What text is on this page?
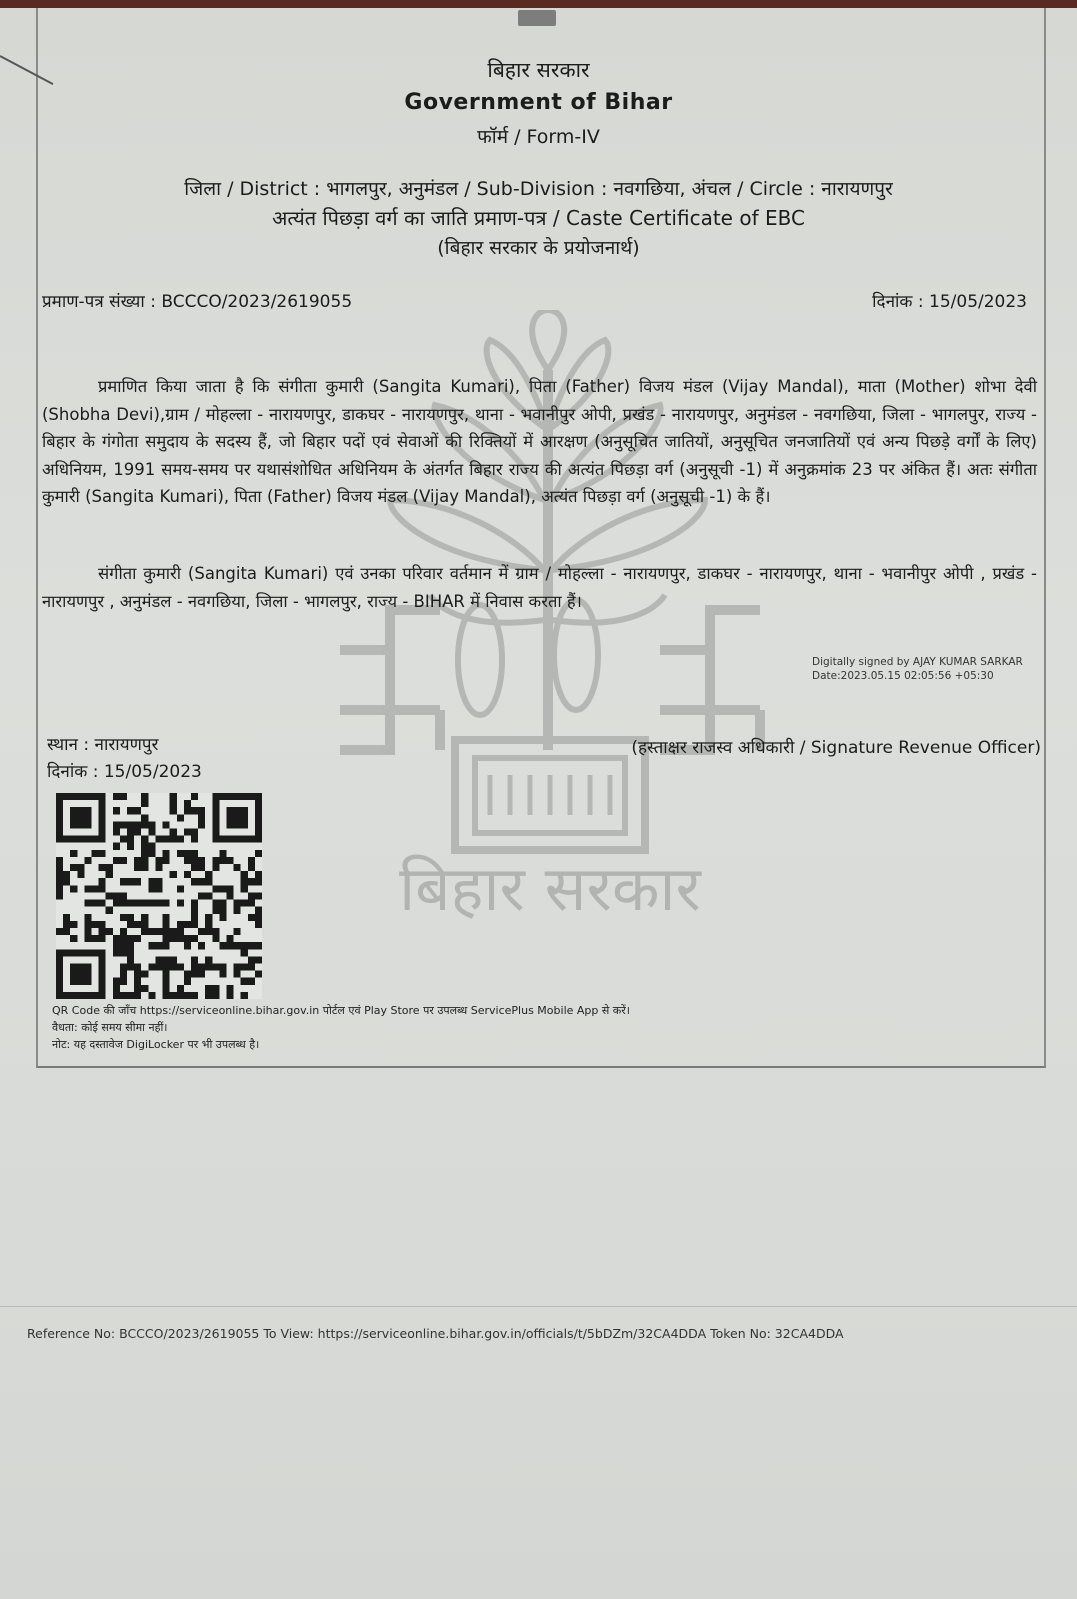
बिहार सरकार
बिहार सरकार
Government of Bihar
फॉर्म / Form-IV
जिला / District : भागलपुर, अनुमंडल / Sub-Division : नवगछिया, अंचल / Circle : नारायणपुर
अत्यंत पिछड़ा वर्ग का जाति प्रमाण-पत्र / Caste Certificate of EBC
(बिहार सरकार के प्रयोजनार्थ)
प्रमाण-पत्र संख्या : BCCCO/2023/2619055	दिनांक : 15/05/2023
प्रमाणित किया जाता है कि संगीता कुमारी (Sangita Kumari), पिता (Father) विजय मंडल (Vijay Mandal), माता (Mother) शोभा देवी (Shobha Devi),ग्राम / मोहल्ला - नारायणपुर, डाकघर - नारायणपुर, थाना - भवानीपुर ओपी, प्रखंड - नारायणपुर, अनुमंडल - नवगछिया, जिला - भागलपुर, राज्य - बिहार के गंगोता समुदाय के सदस्य हैं, जो बिहार पदों एवं सेवाओं की रिक्तियों में आरक्षण (अनुसूचित जातियों, अनुसूचित जनजातियों एवं अन्य पिछड़े वर्गों के लिए) अधिनियम, 1991 समय-समय पर यथासंशोधित अधिनियम के अंतर्गत बिहार राज्य की अत्यंत पिछड़ा वर्ग (अनुसूची -1) में अनुक्रमांक 23 पर अंकित हैं। अतः संगीता कुमारी (Sangita Kumari), पिता (Father) विजय मंडल (Vijay Mandal), अत्यंत पिछड़ा वर्ग (अनुसूची -1) के हैं।
संगीता कुमारी (Sangita Kumari) एवं उनका परिवार वर्तमान में ग्राम / मोहल्ला - नारायणपुर, डाकघर - नारायणपुर, थाना - भवानीपुर ओपी , प्रखंड - नारायणपुर , अनुमंडल - नवगछिया, जिला - भागलपुर, राज्य - BIHAR में निवास करता हैं।
Digitally signed by AJAY KUMAR SARKAR
Date:2023.05.15 02:05:56 +05:30
स्थान : नारायणपुर
दिनांक : 15/05/2023
(हस्ताक्षर राजस्व अधिकारी / Signature Revenue Officer)
QR Code की जाँच https://serviceonline.bihar.gov.in पोर्टल एवं Play Store पर उपलब्ध ServicePlus Mobile App से करें।
वैधता: कोई समय सीमा नहीं।
नोट: यह दस्तावेज DigiLocker पर भी उपलब्ध है।
Reference No: BCCCO/2023/2619055 To View: https://serviceonline.bihar.gov.in/officials/t/5bDZm/32CA4DDA Token No: 32CA4DDA
